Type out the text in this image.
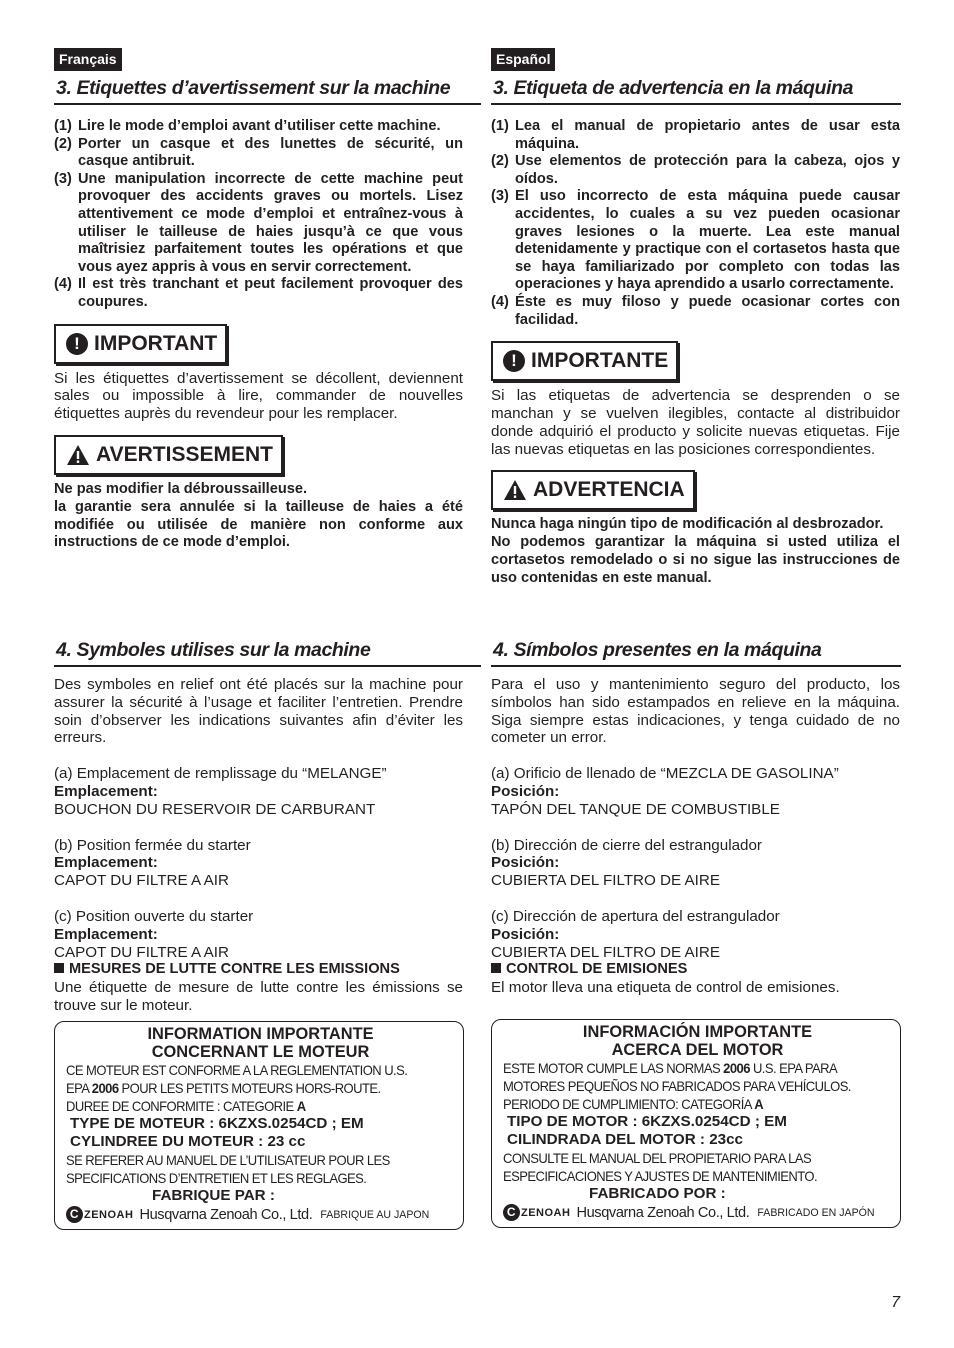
Français
3. Etiquettes d’avertissement sur la machine
(1) Lire le mode d’emploi avant d’utiliser cette machine.
(2) Porter un casque et des lunettes de sécurité, un casque antibruit.
(3) Une manipulation incorrecte de cette machine peut provoquer des accidents graves ou mortels. Lisez attentivement ce mode d’emploi et entraînez-vous à utiliser le tailleuse de haies jusqu’à ce que vous maîtrisiez parfaitement toutes les opérations et que vous ayez appris à vous en servir correctement.
(4) Il est très tranchant et peut facilement provoquer des coupures.
! IMPORTANT

Si les étiquettes d’avertissement se décollent, deviennent sales ou impossible à lire, commander de nouvelles étiquettes auprès du revendeur pour les remplacer.

AVERTISSEMENT

Ne pas modifier la débroussailleuse.

la garantie sera annulée si la tailleuse de haies a été modifiée ou utilisée de manière non conforme aux instructions de ce mode d’emploi.

4. Symboles utilises sur la machine

Des symboles en relief ont été placés sur la machine pour assurer la sécurité à l’usage et faciliter l’entretien. Prendre soin d’observer les indications suivantes afin d’éviter les erreurs.

(a) Emplacement de remplissage du “MELANGE”
Emplacement:
BOUCHON DU RESERVOIR DE CARBURANT
(b) Position fermée du starter
Emplacement:
CAPOT DU FILTRE A AIR
(c) Position ouverte du starter
Emplacement:
CAPOT DU FILTRE A AIR
MESURES DE LUTTE CONTRE LES EMISSIONS

Une étiquette de mesure de lutte contre les émissions se trouve sur le moteur.

INFORMATION IMPORTANTE
CONCERNANT LE MOTEUR
CE MOTEUR EST CONFORME A LA REGLEMENTATION U.S.
EPA 2006 POUR LES PETITS MOTEURS HORS-ROUTE.
DUREE DE CONFORMITE : CATEGORIE A
TYPE DE MOTEUR : 6KZXS.0254CD ; EM
CYLINDREE DU MOTEUR : 23 cc
SE REFERER AU MANUEL DE L’UTILISATEUR POUR LES
SPECIFICATIONS D’ENTRETIEN ET LES REGLAGES.
FABRIQUE PAR :
C ZENOAH Husqvarna Zenoah Co., Ltd. FABRIQUE AU JAPON
Español
3. Etiqueta de advertencia en la máquina
(1) Lea el manual de propietario antes de usar esta máquina.
(2) Use elementos de protección para la cabeza, ojos y oídos.
(3) El uso incorrecto de esta máquina puede causar accidentes, lo cuales a su vez pueden ocasionar graves lesiones o la muerte. Lea este manual detenidamente y practique con el cortasetos hasta que se haya familiarizado por completo con todas las operaciones y haya aprendido a usarlo correctamente.
(4) Éste es muy filoso y puede ocasionar cortes con facilidad.
! IMPORTANTE

Si las etiquetas de advertencia se desprenden o se manchan y se vuelven ilegibles, contacte al distribuidor donde adquirió el producto y solicite nuevas etiquetas. Fije las nuevas etiquetas en las posiciones correspondientes.

ADVERTENCIA

Nunca haga ningún tipo de modificación al desbrozador.

No podemos garantizar la máquina si usted utiliza el cortasetos remodelado o si no sigue las instrucciones de uso contenidas en este manual.

4. Símbolos presentes en la máquina

Para el uso y mantenimiento seguro del producto, los símbolos han sido estampados en relieve en la máquina. Siga siempre estas indicaciones, y tenga cuidado de no cometer un error.

(a) Orificio de llenado de “MEZCLA DE GASOLINA”
Posición:
TAPÓN DEL TANQUE DE COMBUSTIBLE
(b) Dirección de cierre del estrangulador
Posición:
CUBIERTA DEL FILTRO DE AIRE
(c) Dirección de apertura del estrangulador
Posición:
CUBIERTA DEL FILTRO DE AIRE
CONTROL DE EMISIONES

El motor lleva una etiqueta de control de emisiones.

INFORMACIÓN IMPORTANTE
ACERCA DEL MOTOR
ESTE MOTOR CUMPLE LAS NORMAS 2006 U.S. EPA PARA
MOTORES PEQUEÑOS NO FABRICADOS PARA VEHÍCULOS.
PERIODO DE CUMPLIMIENTO: CATEGORÍA A
TIPO DE MOTOR : 6KZXS.0254CD ; EM
CILINDRADA DEL MOTOR : 23cc
CONSULTE EL MANUAL DEL PROPIETARIO PARA LAS
ESPECIFICACIONES Y AJUSTES DE MANTENIMIENTO.
FABRICADO POR :
C ZENOAH Husqvarna Zenoah Co., Ltd. FABRICADO EN JAPÓN
7
